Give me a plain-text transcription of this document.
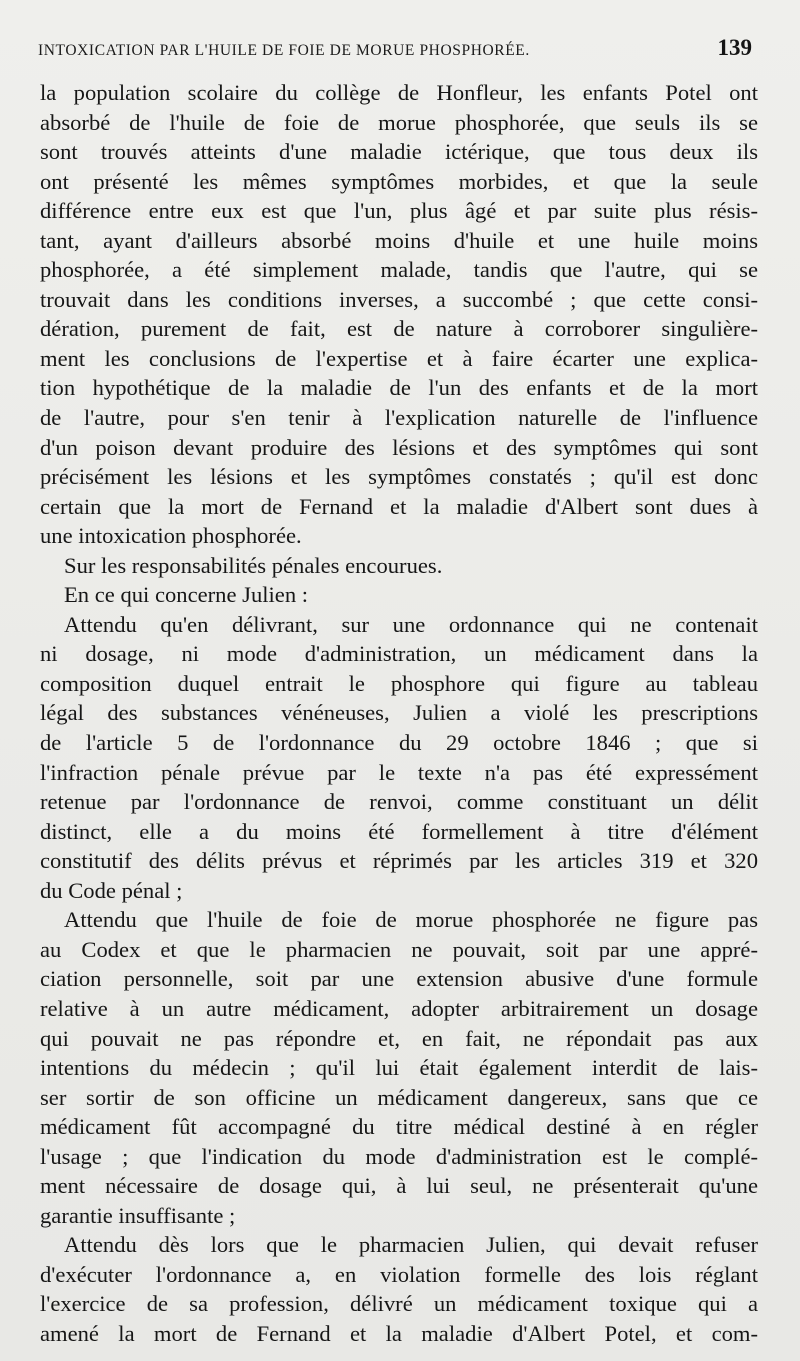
INTOXICATION PAR L'HUILE DE FOIE DE MORUE PHOSPHORÉE.	139
la population scolaire du collège de Honfleur, les enfants Potel ont
absorbé de l'huile de foie de morue phosphorée, que seuls ils se
sont trouvés atteints d'une maladie ictérique, que tous deux ils
ont présenté les mêmes symptômes morbides, et que la seule
différence entre eux est que l'un, plus âgé et par suite plus résis-
tant, ayant d'ailleurs absorbé moins d'huile et une huile moins
phosphorée, a été simplement malade, tandis que l'autre, qui se
trouvait dans les conditions inverses, a succombé ; que cette consi-
dération, purement de fait, est de nature à corroborer singulière-
ment les conclusions de l'expertise et à faire écarter une explica-
tion hypothétique de la maladie de l'un des enfants et de la mort
de l'autre, pour s'en tenir à l'explication naturelle de l'influence
d'un poison devant produire des lésions et des symptômes qui sont
précisément les lésions et les symptômes constatés ; qu'il est donc
certain que la mort de Fernand et la maladie d'Albert sont dues à
une intoxication phosphorée.
Sur les responsabilités pénales encourues.
En ce qui concerne Julien :
Attendu qu'en délivrant, sur une ordonnance qui ne contenait
ni dosage, ni mode d'administration, un médicament dans la
composition duquel entrait le phosphore qui figure au tableau
légal des substances vénéneuses, Julien a violé les prescriptions
de l'article 5 de l'ordonnance du 29 octobre 1846 ; que si
l'infraction pénale prévue par le texte n'a pas été expressément
retenue par l'ordonnance de renvoi, comme constituant un délit
distinct, elle a du moins été formellement à titre d'élément
constitutif des délits prévus et réprimés par les articles 319 et 320
du Code pénal ;
Attendu que l'huile de foie de morue phosphorée ne figure pas
au Codex et que le pharmacien ne pouvait, soit par une appré-
ciation personnelle, soit par une extension abusive d'une formule
relative à un autre médicament, adopter arbitrairement un dosage
qui pouvait ne pas répondre et, en fait, ne répondait pas aux
intentions du médecin ; qu'il lui était également interdit de lais-
ser sortir de son officine un médicament dangereux, sans que ce
médicament fût accompagné du titre médical destiné à en régler
l'usage ; que l'indication du mode d'administration est le complé-
ment nécessaire de dosage qui, à lui seul, ne présenterait qu'une
garantie insuffisante ;
Attendu dès lors que le pharmacien Julien, qui devait refuser
d'exécuter l'ordonnance a, en violation formelle des lois réglant
l'exercice de sa profession, délivré un médicament toxique qui a
amené la mort de Fernand et la maladie d'Albert Potel, et com-
